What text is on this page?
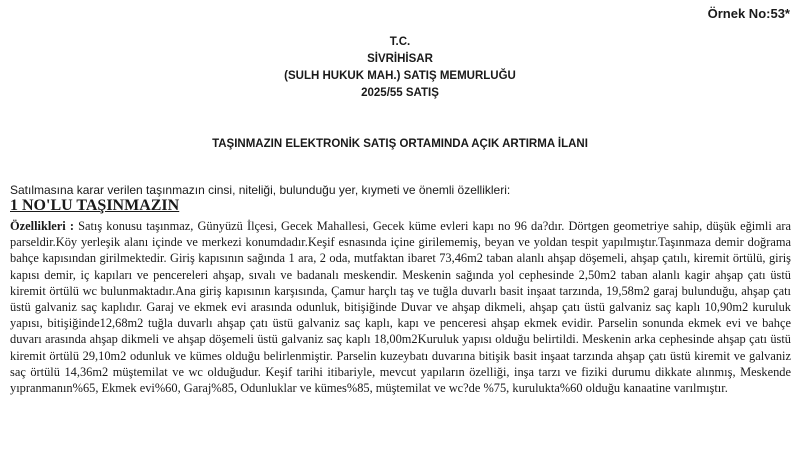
Örnek No:53*
T.C.
SİVRİHİSAR
(SULH HUKUK MAH.) SATIŞ MEMURLUĞU
2025/55 SATIŞ
TAŞINMAZIN ELEKTRONİK SATIŞ ORTAMINDA AÇIK ARTIRMA İLANI
Satılmasına karar verilen taşınmazın cinsi, niteliği, bulunduğu yer, kıymeti ve önemli özellikleri:
1 NO'LU TAŞINMAZIN
Özellikleri : Satış konusu taşınmaz, Günyüzü İlçesi, Gecek Mahallesi, Gecek küme evleri kapı no 96 da?dır. Dörtgen geometriye sahip, düşük eğimli ara parseldir.Köy yerleşik alanı içinde ve merkezi konumdadır.Keşif esnasında içine girilememiş, beyan ve yoldan tespit yapılmıştır.Taşınmaza demir doğrama bahçe kapısından girilmektedir. Giriş kapısının sağında 1 ara, 2 oda, mutfaktan ibaret 73,46m2 taban alanlı ahşap döşemeli, ahşap çatılı, kiremit örtülü, giriş kapısı demir, iç kapıları ve pencereleri ahşap, sıvalı ve badanalı meskendir. Meskenin sağında yol cephesinde 2,50m2 taban alanlı kagir ahşap çatı üstü kiremit örtülü wc bulunmaktadır.Ana giriş kapısının karşısında, Çamur harçlı taş ve tuğla duvarlı basit inşaat tarzında, 19,58m2 garaj bulunduğu, ahşap çatı üstü galvaniz saç kaplıdır. Garaj ve ekmek evi arasında odunluk, bitişiğinde Duvar ve ahşap dikmeli, ahşap çatı üstü galvaniz saç kaplı 10,90m2 kuruluk yapısı, bitişiğinde12,68m2 tuğla duvarlı ahşap çatı üstü galvaniz saç kaplı, kapı ve penceresi ahşap ekmek evidir. Parselin sonunda ekmek evi ve bahçe duvarı arasında ahşap dikmeli ve ahşap döşemeli üstü galvaniz saç kaplı 18,00m2Kuruluk yapısı olduğu belirtildi. Meskenin arka cephesinde ahşap çatı üstü kiremit örtülü 29,10m2 odunluk ve kümes olduğu belirlenmiştir. Parselin kuzeybatı duvarına bitişik basit inşaat tarzında ahşap çatı üstü kiremit ve galvaniz saç örtülü 14,36m2 müştemilat ve wc olduğudur. Keşif tarihi itibariyle, mevcut yapıların özelliği, inşa tarzı ve fiziki durumu dikkate alınmış, Meskende yıpranmanın%65, Ekmek evi%60, Garaj%85, Odunluklar ve kümes%85, müştemilat ve wc?de %75, kurulukta%60 olduğu kanaatine varılmıştır.
